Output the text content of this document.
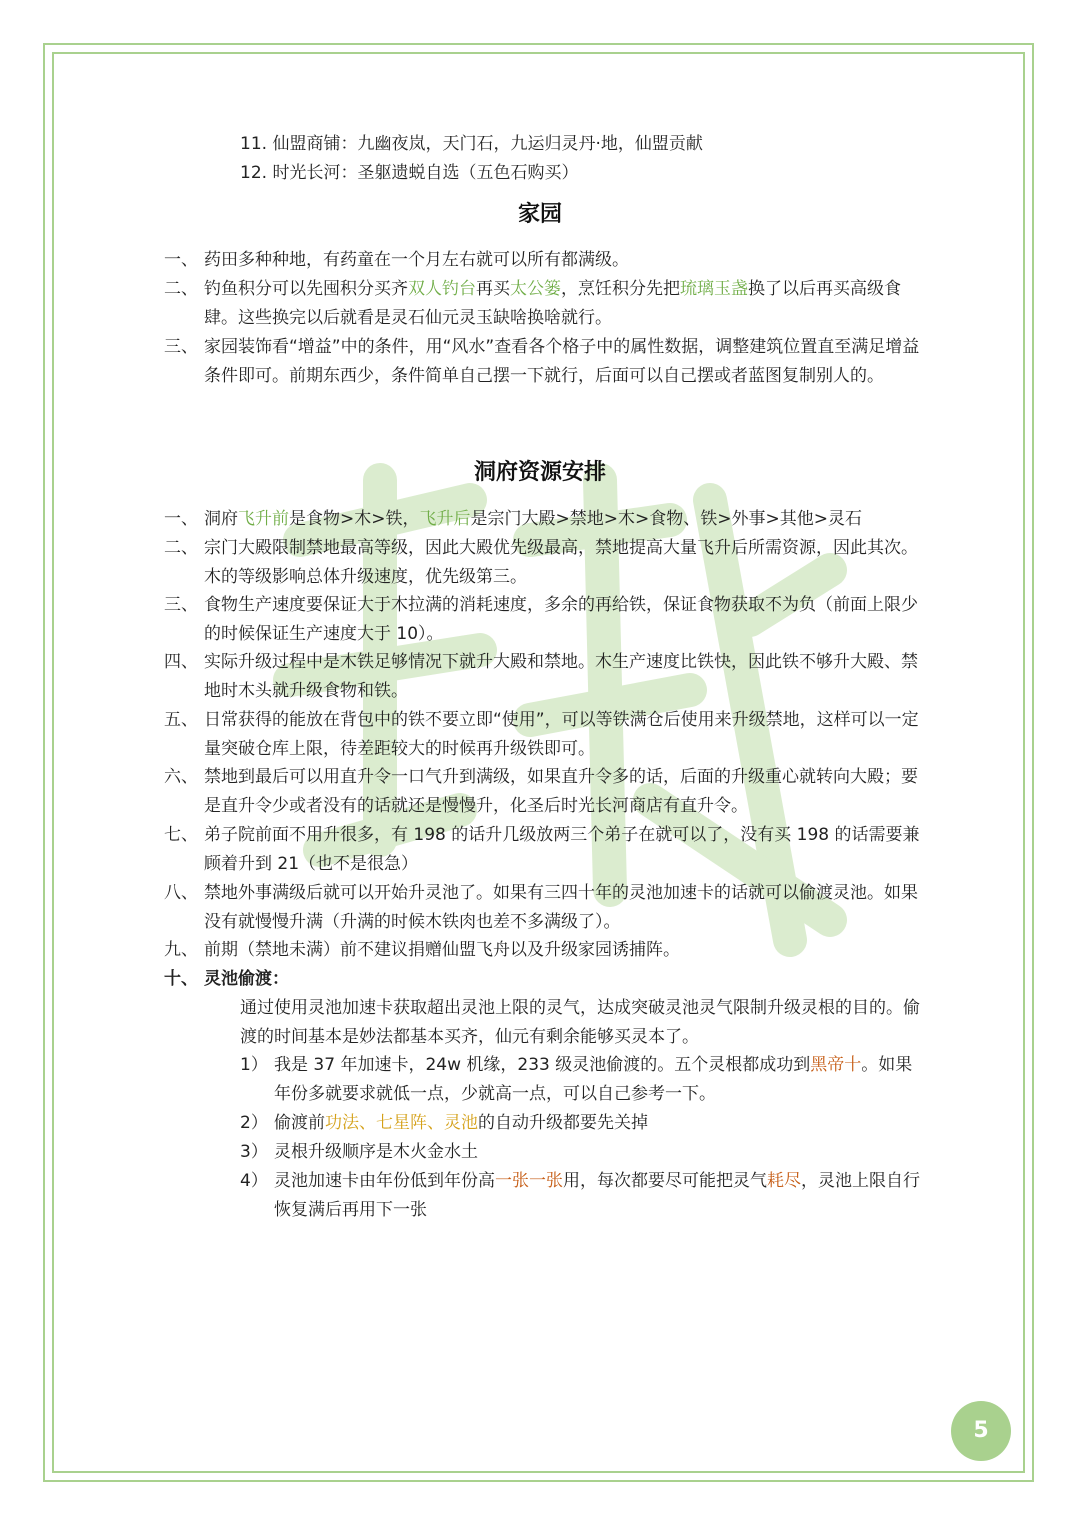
11. 仙盟商铺：九幽夜岚，天门石，九运归灵丹·地，仙盟贡献
12. 时光长河：圣躯遗蜕自选（五色石购买）
家园
一、 药田多种种地，有药童在一个月左右就可以所有都满级。
二、 钓鱼积分可以先囤积分买齐双人钓台再买太公篓，烹饪积分先把琉璃玉盏换了以后再买高级食肆。这些换完以后就看是灵石仙元灵玉缺啥换啥就行。
三、 家园装饰看“增益”中的条件，用“风水”查看各个格子中的属性数据，调整建筑位置直至满足增益条件即可。前期东西少，条件简单自己摆一下就行，后面可以自己摆或者蓝图复制别人的。
洞府资源安排
一、 洞府飞升前是食物>木>铁，飞升后是宗门大殿>禁地>木>食物、铁>外事>其他>灵石
二、 宗门大殿限制禁地最高等级，因此大殿优先级最高，禁地提高大量飞升后所需资源，因此其次。木的等级影响总体升级速度，优先级第三。
三、 食物生产速度要保证大于木拉满的消耗速度，多余的再给铁，保证食物获取不为负（前面上限少的时候保证生产速度大于 10）。
四、 实际升级过程中是木铁足够情况下就升大殿和禁地。木生产速度比铁快，因此铁不够升大殿、禁地时木头就升级食物和铁。
五、 日常获得的能放在背包中的铁不要立即“使用”，可以等铁满仓后使用来升级禁地，这样可以一定量突破仓库上限，待差距较大的时候再升级铁即可。
六、 禁地到最后可以用直升令一口气升到满级，如果直升令多的话，后面的升级重心就转向大殿；要是直升令少或者没有的话就还是慢慢升，化圣后时光长河商店有直升令。
七、 弟子院前面不用升很多，有 198 的话升几级放两三个弟子在就可以了，没有买 198 的话需要兼顾着升到 21（也不是很急）
八、 禁地外事满级后就可以开始升灵池了。如果有三四十年的灵池加速卡的话就可以偷渡灵池。如果没有就慢慢升满（升满的时候木铁肉也差不多满级了）。
九、 前期（禁地未满）前不建议捐赠仙盟飞舟以及升级家园诱捕阵。
十、 灵池偷渡：
通过使用灵池加速卡获取超出灵池上限的灵气，达成突破灵池灵气限制升级灵根的目的。偷渡的时间基本是妙法都基本买齐，仙元有剩余能够买灵本了。
1） 我是 37 年加速卡，24w 机缘，233 级灵池偷渡的。五个灵根都成功到黑帝十。如果年份多就要求就低一点，少就高一点，可以自己参考一下。
2） 偷渡前功法、七星阵、灵池的自动升级都要先关掉
3） 灵根升级顺序是木火金水土
4） 灵池加速卡由年份低到年份高一张一张用，每次都要尽可能把灵气耗尽，灵池上限自行恢复满后再用下一张
5
